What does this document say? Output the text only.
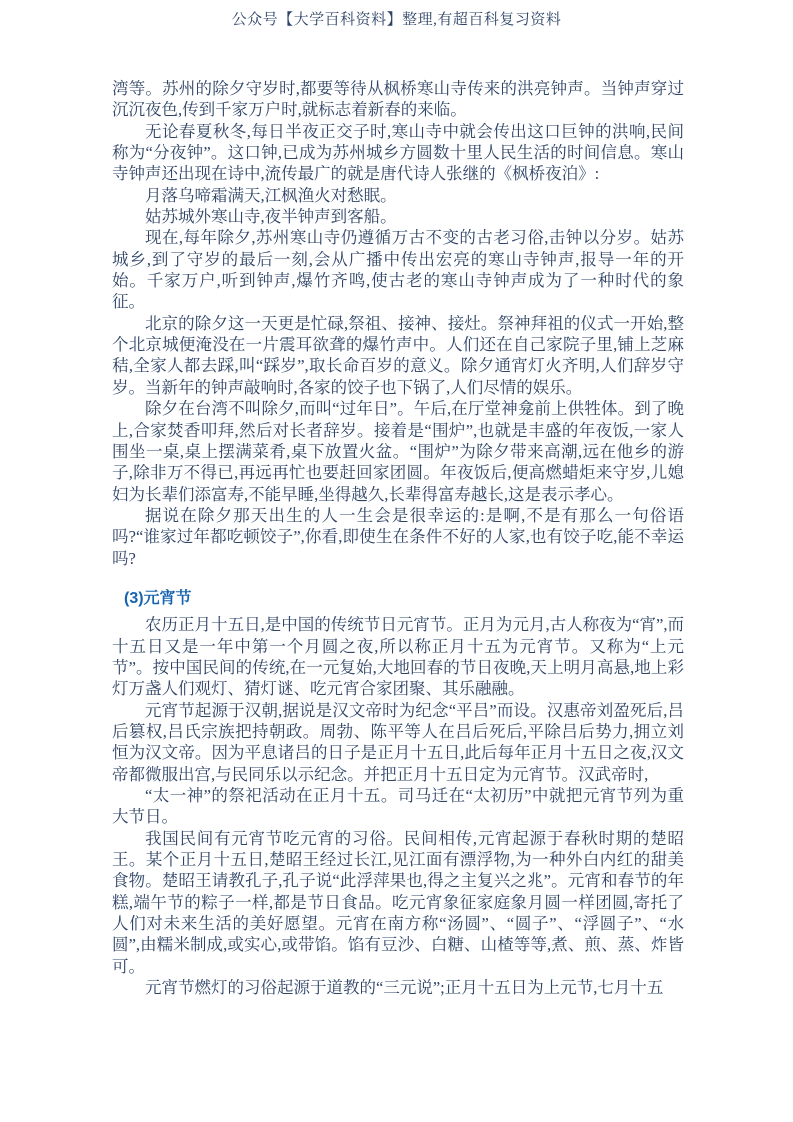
公众号【大学百科资料】整理,有超百科复习资料

湾等。苏州的除夕守岁时,都要等待从枫桥寒山寺传来的洪亮钟声。当钟声穿过沉沉夜色,传到千家万户时,就标志着新春的来临。

无论春夏秋冬,每日半夜正交子时,寒山寺中就会传出这口巨钟的洪响,民间称为“分夜钟”。这口钟,已成为苏州城乡方圆数十里人民生活的时间信息。寒山寺钟声还出现在诗中,流传最广的就是唐代诗人张继的《枫桥夜泊》:

月落乌啼霜满天,江枫渔火对愁眠。

姑苏城外寒山寺,夜半钟声到客船。

现在,每年除夕,苏州寒山寺仍遵循万古不变的古老习俗,击钟以分岁。姑苏城乡,到了守岁的最后一刻,会从广播中传出宏亮的寒山寺钟声,报导一年的开始。千家万户,听到钟声,爆竹齐鸣,使古老的寒山寺钟声成为了一种时代的象征。

北京的除夕这一天更是忙碌,祭祖、接神、接灶。祭神拜祖的仪式一开始,整个北京城便淹没在一片震耳欲聋的爆竹声中。人们还在自己家院子里,铺上芝麻秸,全家人都去踩,叫“踩岁”,取长命百岁的意义。除夕通宵灯火齐明,人们辞岁守岁。当新年的钟声敲响时,各家的饺子也下锅了,人们尽情的娱乐。

除夕在台湾不叫除夕,而叫“过年日”。午后,在厅堂神龛前上供牲体。到了晚上,合家焚香叩拜,然后对长者辞岁。接着是“围炉”,也就是丰盛的年夜饭,一家人围坐一桌,桌上摆满菜肴,桌下放置火盆。“围炉”为除夕带来高潮,远在他乡的游子,除非万不得已,再远再忙也要赶回家团圆。年夜饭后,便高燃蜡炬来守岁,儿媳妇为长辈们添富寿,不能早睡,坐得越久,长辈得富寿越长,这是表示孝心。

据说在除夕那天出生的人一生会是很幸运的:是啊,不是有那么一句俗语吗?“谁家过年都吃顿饺子”,你看,即使生在条件不好的人家,也有饺子吃,能不幸运吗?

(3)元宵节

农历正月十五日,是中国的传统节日元宵节。正月为元月,古人称夜为“宵”,而十五日又是一年中第一个月圆之夜,所以称正月十五为元宵节。又称为“上元节”。按中国民间的传统,在一元复始,大地回春的节日夜晚,天上明月高悬,地上彩灯万盏人们观灯、猜灯谜、吃元宵合家团聚、其乐融融。

元宵节起源于汉朝,据说是汉文帝时为纪念“平吕”而设。汉惠帝刘盈死后,吕后篡权,吕氏宗族把持朝政。周勃、陈平等人在吕后死后,平除吕后势力,拥立刘恒为汉文帝。因为平息诸吕的日子是正月十五日,此后每年正月十五日之夜,汉文帝都微服出宫,与民同乐以示纪念。并把正月十五日定为元宵节。汉武帝时,

“太一神”的祭祀活动在正月十五。司马迁在“太初历”中就把元宵节列为重大节日。

我国民间有元宵节吃元宵的习俗。民间相传,元宵起源于春秋时期的楚昭王。某个正月十五日,楚昭王经过长江,见江面有漂浮物,为一种外白内红的甜美食物。楚昭王请教孔子,孔子说“此浮萍果也,得之主复兴之兆”。元宵和春节的年糕,端午节的粽子一样,都是节日食品。吃元宵象征家庭象月圆一样团圆,寄托了人们对未来生活的美好愿望。元宵在南方称“汤圆”、“圆子”、“浮圆子”、“水圆”,由糯米制成,或实心,或带馅。馅有豆沙、白糖、山楂等等,煮、煎、蒸、炸皆可。

元宵节燃灯的习俗起源于道教的“三元说”;正月十五日为上元节,七月十五
